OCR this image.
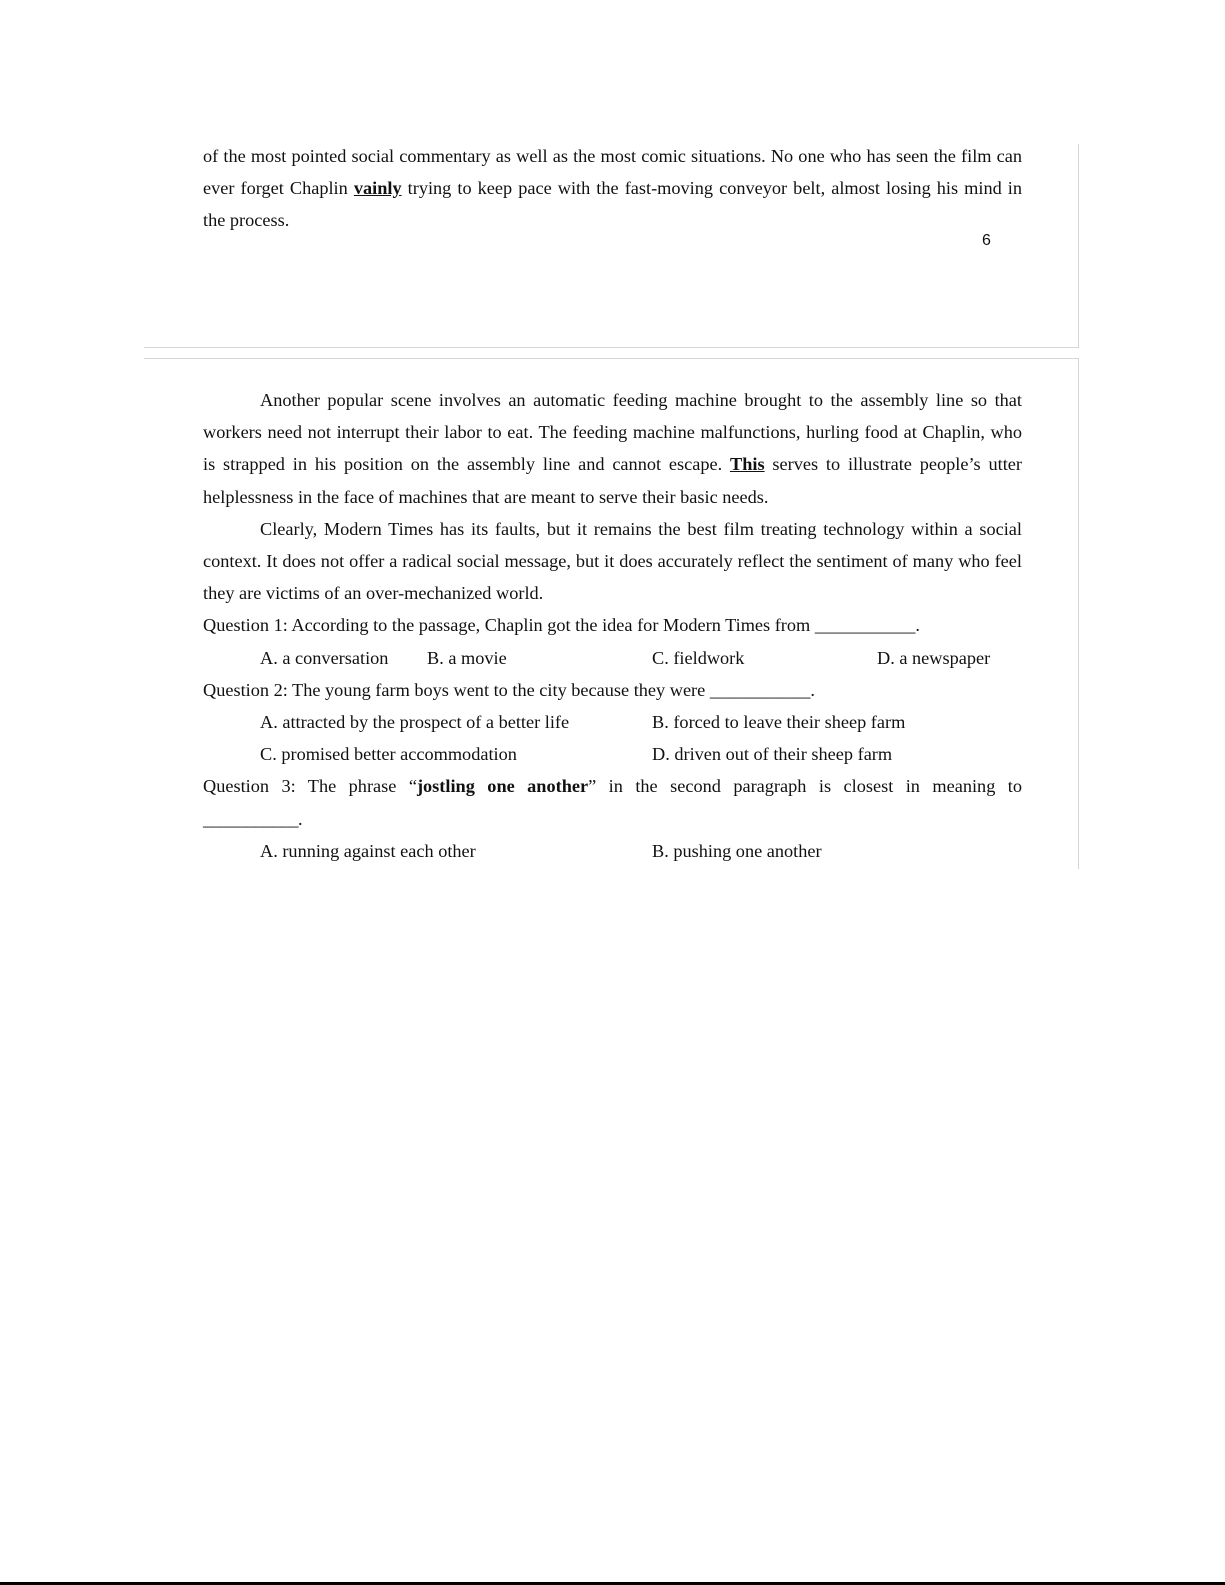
of the most pointed social commentary as well as the most comic situations. No one who has seen the film can ever forget Chaplin vainly trying to keep pace with the fast-moving conveyor belt, almost losing his mind in the process.

6

Another popular scene involves an automatic feeding machine brought to the assembly line so that workers need not interrupt their labor to eat. The feeding machine malfunctions, hurling food at Chaplin, who is strapped in his position on the assembly line and cannot escape. This serves to illustrate people’s utter helplessness in the face of machines that are meant to serve their basic needs.

Clearly, Modern Times has its faults, but it remains the best film treating technology within a social context. It does not offer a radical social message, but it does accurately reflect the sentiment of many who feel they are victims of an over-mechanized world.

Question 1: According to the passage, Chaplin got the idea for Modern Times from ___________.

A. a conversation B. a movie	C. fieldwork	D. a newspaper

Question 2: The young farm boys went to the city because they were ___________.

A. attracted by the prospect of a better life	B. forced to leave their sheep farm
C. promised better accommodation	D. driven out of their sheep farm

Question 3: The phrase “jostling one another” in the second paragraph is closest in meaning to

___________.

A. running against each other	B. pushing one another
